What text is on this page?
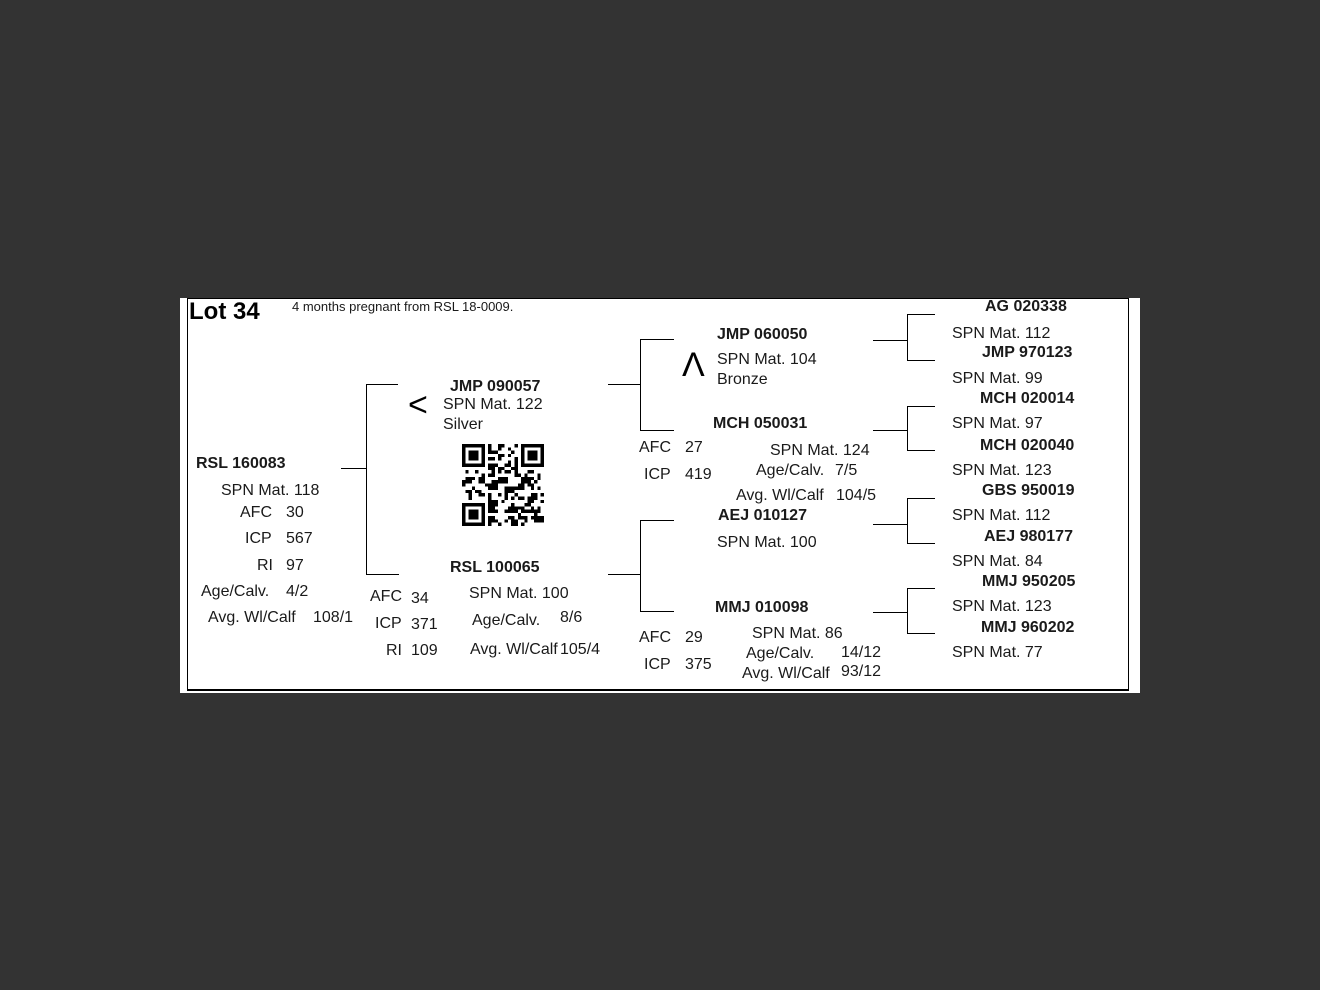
Lot 34 4 months pregnant from RSL 18-0009.
RSL 160083
SPN Mat. 118
AFC 30
ICP 567
RI 97
Age/Calv. 4/2
Avg. Wl/Calf 108/1
< JMP 090057
SPN Mat. 122
Silver
RSL 100065
SPN Mat. 100
AFC 34
ICP 371
RI 109
Age/Calv. 8/6
Avg. Wl/Calf 105/4
JMP 060050
Λ SPN Mat. 104
Bronze
MCH 050031
AFC 27
ICP 419
SPN Mat. 124
Age/Calv. 7/5
Avg. Wl/Calf 104/5
AEJ 010127
SPN Mat. 100
MMJ 010098
AFC 29
ICP 375
SPN Mat. 86
Age/Calv. 14/12
Avg. Wl/Calf 93/12
AG 020338
SPN Mat. 112
JMP 970123
SPN Mat. 99
MCH 020014
SPN Mat. 97
MCH 020040
SPN Mat. 123
GBS 950019
SPN Mat. 112
AEJ 980177
SPN Mat. 84
MMJ 950205
SPN Mat. 123
MMJ 960202
SPN Mat. 77
